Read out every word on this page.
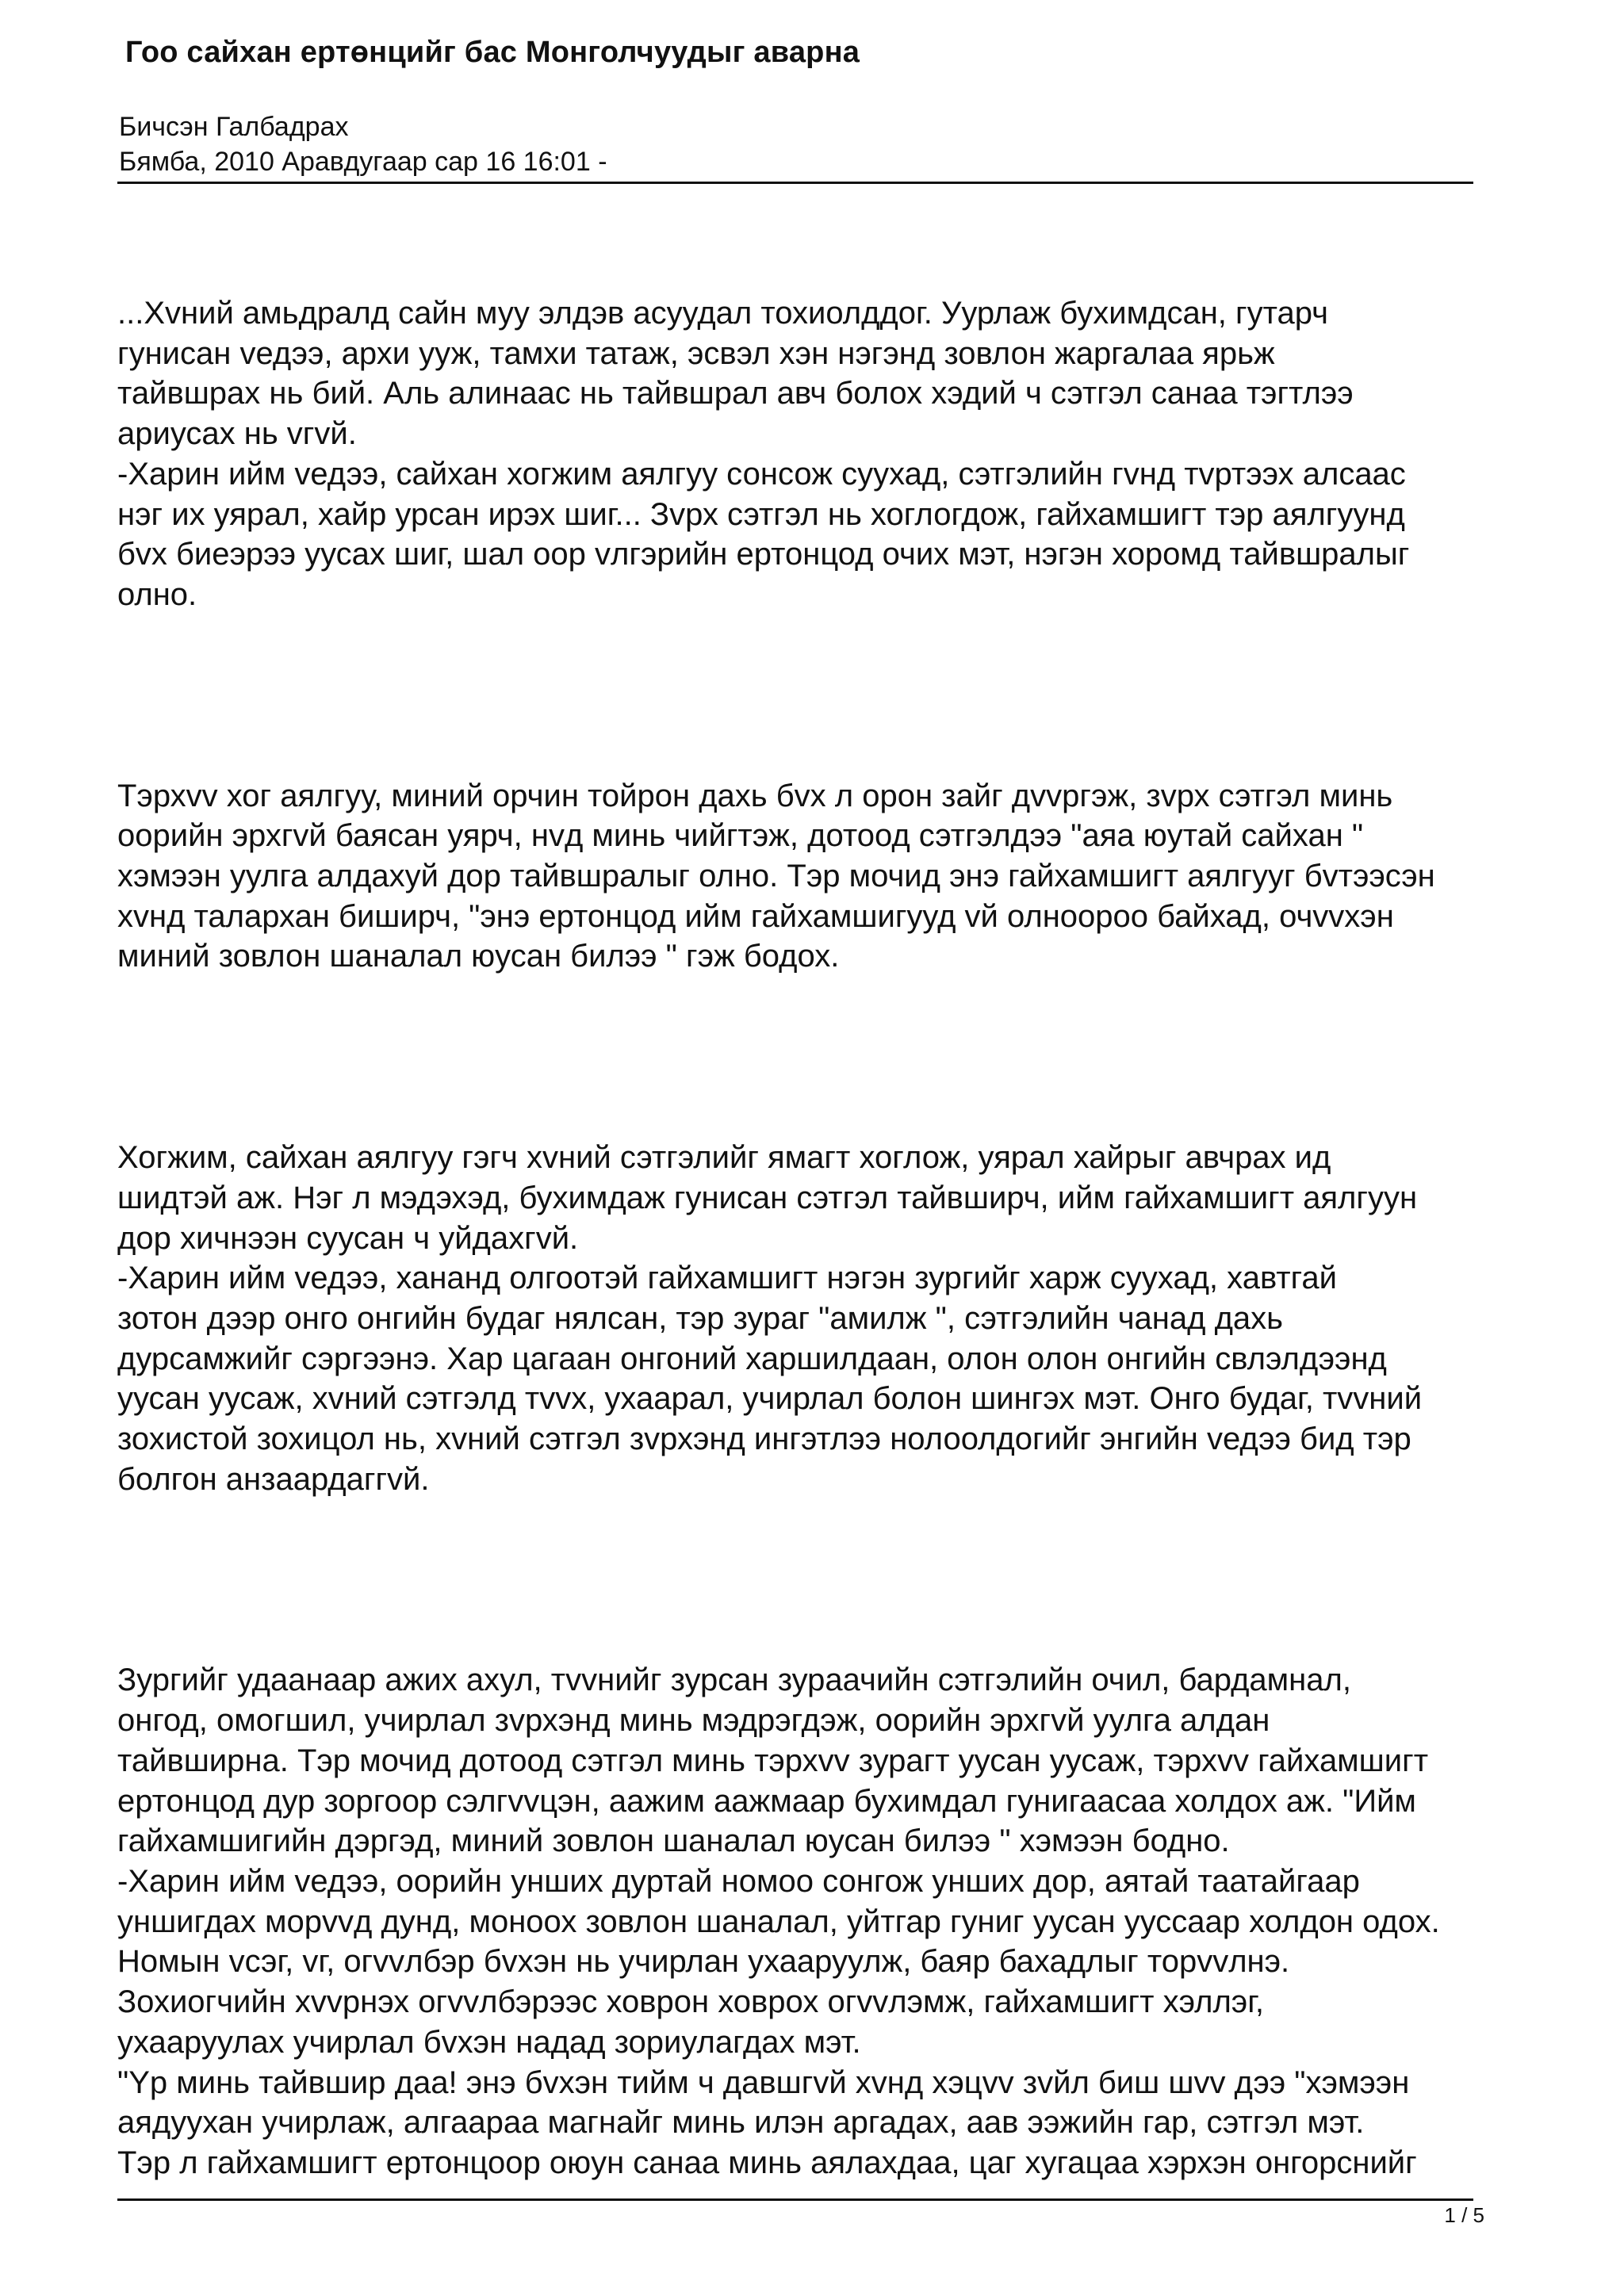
Гоо сайхан ертөнцийг бас Монголчуудыг аварна
Бичсэн Галбадрах
Бямба, 2010 Аравдугаар сар 16 16:01 -

...Хvний амьдралд сайн муу элдэв асуудал тохиолддог. Уурлаж бухимдсан, гутарч
гунисан vедээ, архи ууж, тамхи татаж, эсвэл хэн нэгэнд зовлон жаргалаа ярьж
тайвшрах нь бий. Аль алинаас нь тайвшрал авч болох хэдий ч сэтгэл санаа тэгтлээ
ариусах нь vгvй.
-Харин ийм vедээ, сайхан хогжим аялгуу сонсож суухад, сэтгэлийн гvнд тvртээх алсаас
нэг их уярал, хайр урсан ирэх шиг... Зvрх сэтгэл нь хоглогдож, гайхамшигт тэр аялгуунд
бvх биеэрээ уусах шиг, шал оор vлгэрийн ертонцод очих мэт, нэгэн хоромд тайвшралыг
олно.

Тэрхvv хог аялгуу, миний орчин тойрон дахь бvх л орон зайг дvvргэж, зvрх сэтгэл минь
оорийн эрхгvй баясан уярч, нvд минь чийгтэж, дотоод сэтгэлдээ "аяа юутай сайхан "
хэмээн уулга алдахуй дор тайвшралыг олно. Тэр мочид энэ гайхамшигт аялгууг бvтээсэн
хvнд талархан биширч, "энэ ертонцод ийм гайхамшигууд vй олноороо байхад, очvvхэн
миний зовлон шаналал юусан билээ " гэж бодох.

Хогжим, сайхан аялгуу гэгч хvний сэтгэлийг ямагт хоглож, уярал хайрыг авчрах ид
шидтэй аж. Нэг л мэдэхэд, бухимдаж гунисан сэтгэл тайвширч, ийм гайхамшигт аялгуун
дор хичнээн суусан ч уйдахгvй.
-Харин ийм vедээ, хананд олгоотэй гайхамшигт нэгэн зургийг харж суухад, хавтгай
зотон дээр онго онгийн будаг нялсан, тэр зураг "амилж ", сэтгэлийн чанад дахь
дурсамжийг сэргээнэ. Хар цагаан онгоний харшилдаан, олон олон онгийн свлэлдээнд
уусан уусаж, хvний сэтгэлд тvvх, ухаарал, учирлал болон шингэх мэт. Онго будаг, тvvний
зохистой зохицол нь, хvний сэтгэл зvрхэнд ингэтлээ нолоолдогийг энгийн vедээ бид тэр
болгон анзаардаггvй.

Зургийг удаанаар ажих ахул, тvvнийг зурсан зураачийн сэтгэлийн очил, бардамнал,
онгод, омогшил, учирлал зvрхэнд минь мэдрэгдэж, оорийн эрхгvй уулга алдан
тайвширна. Тэр мочид дотоод сэтгэл минь тэрхvv зурагт уусан уусаж, тэрхvv гайхамшигт
ертонцод дур зоргоор сэлгvvцэн, аажим аажмаар бухимдал гунигаасаа холдох аж. "Ийм
гайхамшигийн дэргэд, миний зовлон шаналал юусан билээ " хэмээн бодно.
-Харин ийм vедээ, оорийн унших дуртай номоо сонгож унших дор, аятай таатайгаар
уншигдах морvvд дунд, моноох зовлон шаналал, уйтгар гуниг уусан уусcаар холдон одох.
Номын vсэг, vг, огvvлбэр бvхэн нь учирлан ухааруулж, баяр бахадлыг торvvлнэ.
Зохиогчийн хvvрнэх огvvлбэрээс ховрон ховрох огvvлэмж, гайхамшигт хэллэг,
ухааруулах учирлал бvхэн надад зориулагдах мэт.
"Yр минь тайвшир даа! энэ бvхэн тийм ч давшгvй хvнд хэцvv зvйл биш шvv дээ "хэмээн
аядуухан учирлаж, алгаараа магнайг минь илэн аргадах, аав ээжийн гар, сэтгэл мэт.
Тэр л гайхамшигт ертонцоор оюун санаа минь аялахдаа, цаг хугацаа хэрхэн онгорснийг

1 / 5
